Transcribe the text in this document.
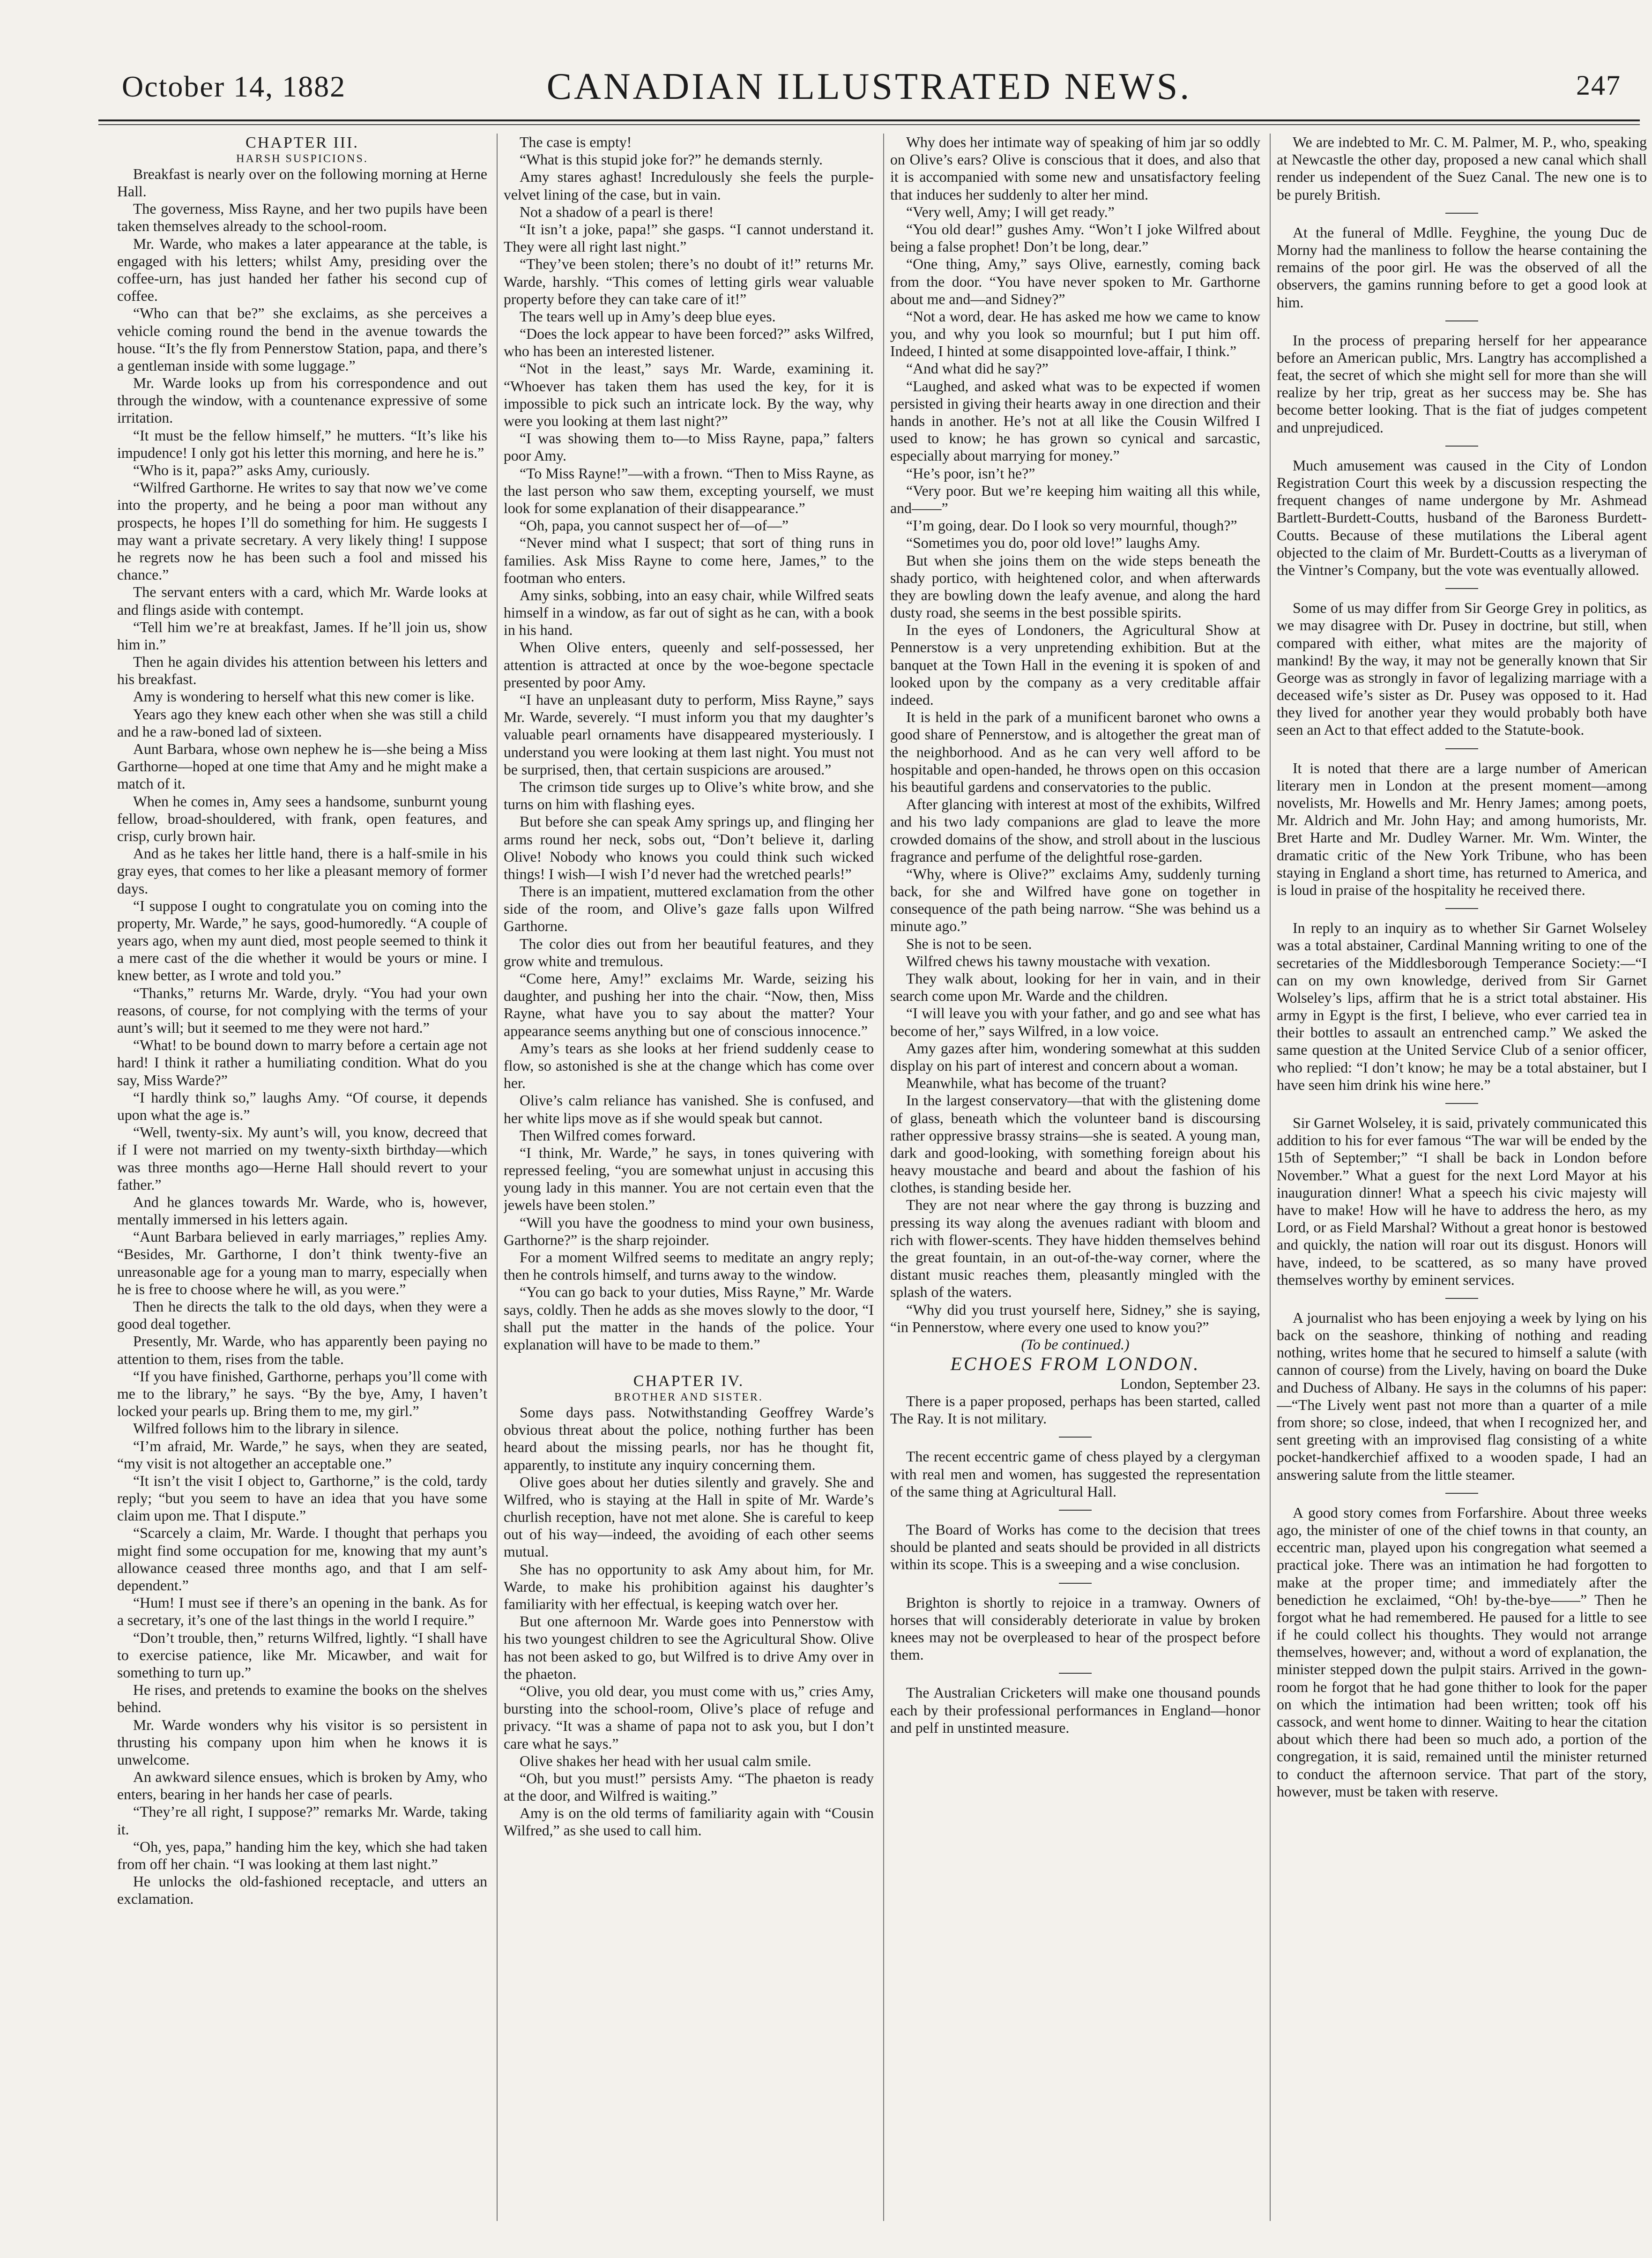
October 14, 1882	CANADIAN ILLUSTRATED NEWS.	247

CHAPTER III.

HARSH SUSPICIONS.

Breakfast is nearly over on the following morning at Herne Hall.

The governess, Miss Rayne, and her two pupils have been taken themselves already to the school-room.

Mr. Warde, who makes a later appearance at the table, is engaged with his letters; whilst Amy, presiding over the coffee-urn, has just handed her father his second cup of coffee.

“Who can that be?” she exclaims, as she perceives a vehicle coming round the bend in the avenue towards the house. “It’s the fly from Pennerstow Station, papa, and there’s a gentleman inside with some luggage.”

Mr. Warde looks up from his correspondence and out through the window, with a countenance expressive of some irritation.

“It must be the fellow himself,” he mutters. “It’s like his impudence! I only got his letter this morning, and here he is.”

“Who is it, papa?” asks Amy, curiously.

“Wilfred Garthorne. He writes to say that now we’ve come into the property, and he being a poor man without any prospects, he hopes I’ll do something for him. He suggests I may want a private secretary. A very likely thing! I suppose he regrets now he has been such a fool and missed his chance.”

The servant enters with a card, which Mr. Warde looks at and flings aside with contempt.

“Tell him we’re at breakfast, James. If he’ll join us, show him in.”

Then he again divides his attention between his letters and his breakfast.

Amy is wondering to herself what this new comer is like.

Years ago they knew each other when she was still a child and he a raw-boned lad of sixteen.

Aunt Barbara, whose own nephew he is—she being a Miss Garthorne—hoped at one time that Amy and he might make a match of it.

When he comes in, Amy sees a handsome, sunburnt young fellow, broad-shouldered, with frank, open features, and crisp, curly brown hair.

And as he takes her little hand, there is a half-smile in his gray eyes, that comes to her like a pleasant memory of former days.

“I suppose I ought to congratulate you on coming into the property, Mr. Warde,” he says, good-humoredly. “A couple of years ago, when my aunt died, most people seemed to think it a mere cast of the die whether it would be yours or mine. I knew better, as I wrote and told you.”

“Thanks,” returns Mr. Warde, dryly. “You had your own reasons, of course, for not complying with the terms of your aunt’s will; but it seemed to me they were not hard.”

“What! to be bound down to marry before a certain age not hard! I think it rather a humiliating condition. What do you say, Miss Warde?”

“I hardly think so,” laughs Amy. “Of course, it depends upon what the age is.”

“Well, twenty-six. My aunt’s will, you know, decreed that if I were not married on my twenty-sixth birthday—which was three months ago—Herne Hall should revert to your father.”

And he glances towards Mr. Warde, who is, however, mentally immersed in his letters again.

“Aunt Barbara believed in early marriages,” replies Amy. “Besides, Mr. Garthorne, I don’t think twenty-five an unreasonable age for a young man to marry, especially when he is free to choose where he will, as you were.”

Then he directs the talk to the old days, when they were a good deal together.

Presently, Mr. Warde, who has apparently been paying no attention to them, rises from the table.

“If you have finished, Garthorne, perhaps you’ll come with me to the library,” he says. “By the bye, Amy, I haven’t locked your pearls up. Bring them to me, my girl.”

Wilfred follows him to the library in silence.

“I’m afraid, Mr. Warde,” he says, when they are seated, “my visit is not altogether an acceptable one.”

“It isn’t the visit I object to, Garthorne,” is the cold, tardy reply; “but you seem to have an idea that you have some claim upon me. That I dispute.”

“Scarcely a claim, Mr. Warde. I thought that perhaps you might find some occupation for me, knowing that my aunt’s allowance ceased three months ago, and that I am self-dependent.”

“Hum! I must see if there’s an opening in the bank. As for a secretary, it’s one of the last things in the world I require.”

“Don’t trouble, then,” returns Wilfred, lightly. “I shall have to exercise patience, like Mr. Micawber, and wait for something to turn up.”

He rises, and pretends to examine the books on the shelves behind.

Mr. Warde wonders why his visitor is so persistent in thrusting his company upon him when he knows it is unwelcome.

An awkward silence ensues, which is broken by Amy, who enters, bearing in her hands her case of pearls.

“They’re all right, I suppose?” remarks Mr. Warde, taking it.

“Oh, yes, papa,” handing him the key, which she had taken from off her chain. “I was looking at them last night.”

He unlocks the old-fashioned receptacle, and utters an exclamation.

The case is empty!

“What is this stupid joke for?” he demands sternly.

Amy stares aghast! Incredulously she feels the purple-velvet lining of the case, but in vain.

Not a shadow of a pearl is there!

“It isn’t a joke, papa!” she gasps. “I cannot understand it. They were all right last night.”

“They’ve been stolen; there’s no doubt of it!” returns Mr. Warde, harshly. “This comes of letting girls wear valuable property before they can take care of it!”

The tears well up in Amy’s deep blue eyes.

“Does the lock appear to have been forced?” asks Wilfred, who has been an interested listener.

“Not in the least,” says Mr. Warde, examining it. “Whoever has taken them has used the key, for it is impossible to pick such an intricate lock. By the way, why were you looking at them last night?”

“I was showing them to—to Miss Rayne, papa,” falters poor Amy.

“To Miss Rayne!”—with a frown. “Then to Miss Rayne, as the last person who saw them, excepting yourself, we must look for some explanation of their disappearance.”

“Oh, papa, you cannot suspect her of—of—”

“Never mind what I suspect; that sort of thing runs in families. Ask Miss Rayne to come here, James,” to the footman who enters.

Amy sinks, sobbing, into an easy chair, while Wilfred seats himself in a window, as far out of sight as he can, with a book in his hand.

When Olive enters, queenly and self-possessed, her attention is attracted at once by the woe-begone spectacle presented by poor Amy.

“I have an unpleasant duty to perform, Miss Rayne,” says Mr. Warde, severely. “I must inform you that my daughter’s valuable pearl ornaments have disappeared mysteriously. I understand you were looking at them last night. You must not be surprised, then, that certain suspicions are aroused.”

The crimson tide surges up to Olive’s white brow, and she turns on him with flashing eyes.

But before she can speak Amy springs up, and flinging her arms round her neck, sobs out, “Don’t believe it, darling Olive! Nobody who knows you could think such wicked things! I wish—I wish I’d never had the wretched pearls!”

There is an impatient, muttered exclamation from the other side of the room, and Olive’s gaze falls upon Wilfred Garthorne.

The color dies out from her beautiful features, and they grow white and tremulous.

“Come here, Amy!” exclaims Mr. Warde, seizing his daughter, and pushing her into the chair. “Now, then, Miss Rayne, what have you to say about the matter? Your appearance seems anything but one of conscious innocence.”

Amy’s tears as she looks at her friend suddenly cease to flow, so astonished is she at the change which has come over her.

Olive’s calm reliance has vanished. She is confused, and her white lips move as if she would speak but cannot.

Then Wilfred comes forward.

“I think, Mr. Warde,” he says, in tones quivering with repressed feeling, “you are somewhat unjust in accusing this young lady in this manner. You are not certain even that the jewels have been stolen.”

“Will you have the goodness to mind your own business, Garthorne?” is the sharp rejoinder.

For a moment Wilfred seems to meditate an angry reply; then he controls himself, and turns away to the window.

“You can go back to your duties, Miss Rayne,” Mr. Warde says, coldly. Then he adds as she moves slowly to the door, “I shall put the matter in the hands of the police. Your explanation will have to be made to them.”

CHAPTER IV.

BROTHER AND SISTER.

Some days pass. Notwithstanding Geoffrey Warde’s obvious threat about the police, nothing further has been heard about the missing pearls, nor has he thought fit, apparently, to institute any inquiry concerning them.

Olive goes about her duties silently and gravely. She and Wilfred, who is staying at the Hall in spite of Mr. Warde’s churlish reception, have not met alone. She is careful to keep out of his way—indeed, the avoiding of each other seems mutual.

She has no opportunity to ask Amy about him, for Mr. Warde, to make his prohibition against his daughter’s familiarity with her effectual, is keeping watch over her.

But one afternoon Mr. Warde goes into Pennerstow with his two youngest children to see the Agricultural Show. Olive has not been asked to go, but Wilfred is to drive Amy over in the phaeton.

“Olive, you old dear, you must come with us,” cries Amy, bursting into the school-room, Olive’s place of refuge and privacy. “It was a shame of papa not to ask you, but I don’t care what he says.”

Olive shakes her head with her usual calm smile.

“Oh, but you must!” persists Amy. “The phaeton is ready at the door, and Wilfred is waiting.”

Amy is on the old terms of familiarity again with “Cousin Wilfred,” as she used to call him.

Why does her intimate way of speaking of him jar so oddly on Olive’s ears? Olive is conscious that it does, and also that it is accompanied with some new and unsatisfactory feeling that induces her suddenly to alter her mind.

“Very well, Amy; I will get ready.”

“You old dear!” gushes Amy. “Won’t I joke Wilfred about being a false prophet! Don’t be long, dear.”

“One thing, Amy,” says Olive, earnestly, coming back from the door. “You have never spoken to Mr. Garthorne about me and—and Sidney?”

“Not a word, dear. He has asked me how we came to know you, and why you look so mournful; but I put him off. Indeed, I hinted at some disappointed love-affair, I think.”

“And what did he say?”

“Laughed, and asked what was to be expected if women persisted in giving their hearts away in one direction and their hands in another. He’s not at all like the Cousin Wilfred I used to know; he has grown so cynical and sarcastic, especially about marrying for money.”

“He’s poor, isn’t he?”

“Very poor. But we’re keeping him waiting all this while, and——”

“I’m going, dear. Do I look so very mournful, though?”

“Sometimes you do, poor old love!” laughs Amy.

But when she joins them on the wide steps beneath the shady portico, with heightened color, and when afterwards they are bowling down the leafy avenue, and along the hard dusty road, she seems in the best possible spirits.

In the eyes of Londoners, the Agricultural Show at Pennerstow is a very unpretending exhibition. But at the banquet at the Town Hall in the evening it is spoken of and looked upon by the company as a very creditable affair indeed.

It is held in the park of a munificent baronet who owns a good share of Pennerstow, and is altogether the great man of the neighborhood. And as he can very well afford to be hospitable and open-handed, he throws open on this occasion his beautiful gardens and conservatories to the public.

After glancing with interest at most of the exhibits, Wilfred and his two lady companions are glad to leave the more crowded domains of the show, and stroll about in the luscious fragrance and perfume of the delightful rose-garden.

“Why, where is Olive?” exclaims Amy, suddenly turning back, for she and Wilfred have gone on together in consequence of the path being narrow. “She was behind us a minute ago.”

She is not to be seen.

Wilfred chews his tawny moustache with vexation.

They walk about, looking for her in vain, and in their search come upon Mr. Warde and the children.

“I will leave you with your father, and go and see what has become of her,” says Wilfred, in a low voice.

Amy gazes after him, wondering somewhat at this sudden display on his part of interest and concern about a woman.

Meanwhile, what has become of the truant?

In the largest conservatory—that with the glistening dome of glass, beneath which the volunteer band is discoursing rather oppressive brassy strains—she is seated. A young man, dark and good-looking, with something foreign about his heavy moustache and beard and about the fashion of his clothes, is standing beside her.

They are not near where the gay throng is buzzing and pressing its way along the avenues radiant with bloom and rich with flower-scents. They have hidden themselves behind the great fountain, in an out-of-the-way corner, where the distant music reaches them, pleasantly mingled with the splash of the waters.

“Why did you trust yourself here, Sidney,” she is saying, “in Pennerstow, where every one used to know you?”

(To be continued.)

ECHOES FROM LONDON.

London, September 23.

There is a paper proposed, perhaps has been started, called The Ray. It is not military.

The recent eccentric game of chess played by a clergyman with real men and women, has suggested the representation of the same thing at Agricultural Hall.

The Board of Works has come to the decision that trees should be planted and seats should be provided in all districts within its scope. This is a sweeping and a wise conclusion.

Brighton is shortly to rejoice in a tramway. Owners of horses that will considerably deteriorate in value by broken knees may not be overpleased to hear of the prospect before them.

The Australian Cricketers will make one thousand pounds each by their professional performances in England—honor and pelf in unstinted measure.

We are indebted to Mr. C. M. Palmer, M. P., who, speaking at Newcastle the other day, proposed a new canal which shall render us independent of the Suez Canal. The new one is to be purely British.

At the funeral of Mdlle. Feyghine, the young Duc de Morny had the manliness to follow the hearse containing the remains of the poor girl. He was the observed of all the observers, the gamins running before to get a good look at him.

In the process of preparing herself for her appearance before an American public, Mrs. Langtry has accomplished a feat, the secret of which she might sell for more than she will realize by her trip, great as her success may be. She has become better looking. That is the fiat of judges competent and unprejudiced.

Much amusement was caused in the City of London Registration Court this week by a discussion respecting the frequent changes of name undergone by Mr. Ashmead Bartlett-Burdett-Coutts, husband of the Baroness Burdett-Coutts. Because of these mutilations the Liberal agent objected to the claim of Mr. Burdett-Coutts as a liveryman of the Vintner’s Company, but the vote was eventually allowed.

Some of us may differ from Sir George Grey in politics, as we may disagree with Dr. Pusey in doctrine, but still, when compared with either, what mites are the majority of mankind! By the way, it may not be generally known that Sir George was as strongly in favor of legalizing marriage with a deceased wife’s sister as Dr. Pusey was opposed to it. Had they lived for another year they would probably both have seen an Act to that effect added to the Statute-book.

It is noted that there are a large number of American literary men in London at the present moment—among novelists, Mr. Howells and Mr. Henry James; among poets, Mr. Aldrich and Mr. John Hay; and among humorists, Mr. Bret Harte and Mr. Dudley Warner. Mr. Wm. Winter, the dramatic critic of the New York Tribune, who has been staying in England a short time, has returned to America, and is loud in praise of the hospitality he received there.

In reply to an inquiry as to whether Sir Garnet Wolseley was a total abstainer, Cardinal Manning writing to one of the secretaries of the Middlesborough Temperance Society:—“I can on my own knowledge, derived from Sir Garnet Wolseley’s lips, affirm that he is a strict total abstainer. His army in Egypt is the first, I believe, who ever carried tea in their bottles to assault an entrenched camp.” We asked the same question at the United Service Club of a senior officer, who replied: “I don’t know; he may be a total abstainer, but I have seen him drink his wine here.”

Sir Garnet Wolseley, it is said, privately communicated this addition to his for ever famous “The war will be ended by the 15th of September;” “I shall be back in London before November.” What a guest for the next Lord Mayor at his inauguration dinner! What a speech his civic majesty will have to make! How will he have to address the hero, as my Lord, or as Field Marshal? Without a great honor is bestowed and quickly, the nation will roar out its disgust. Honors will have, indeed, to be scattered, as so many have proved themselves worthy by eminent services.

A journalist who has been enjoying a week by lying on his back on the seashore, thinking of nothing and reading nothing, writes home that he secured to himself a salute (with cannon of course) from the Lively, having on board the Duke and Duchess of Albany. He says in the columns of his paper:—“The Lively went past not more than a quarter of a mile from shore; so close, indeed, that when I recognized her, and sent greeting with an improvised flag consisting of a white pocket-handkerchief affixed to a wooden spade, I had an answering salute from the little steamer.

A good story comes from Forfarshire. About three weeks ago, the minister of one of the chief towns in that county, an eccentric man, played upon his congregation what seemed a practical joke. There was an intimation he had forgotten to make at the proper time; and immediately after the benediction he exclaimed, “Oh! by-the-bye——” Then he forgot what he had remembered. He paused for a little to see if he could collect his thoughts. They would not arrange themselves, however; and, without a word of explanation, the minister stepped down the pulpit stairs. Arrived in the gown-room he forgot that he had gone thither to look for the paper on which the intimation had been written; took off his cassock, and went home to dinner. Waiting to hear the citation about which there had been so much ado, a portion of the congregation, it is said, remained until the minister returned to conduct the afternoon service. That part of the story, however, must be taken with reserve.
